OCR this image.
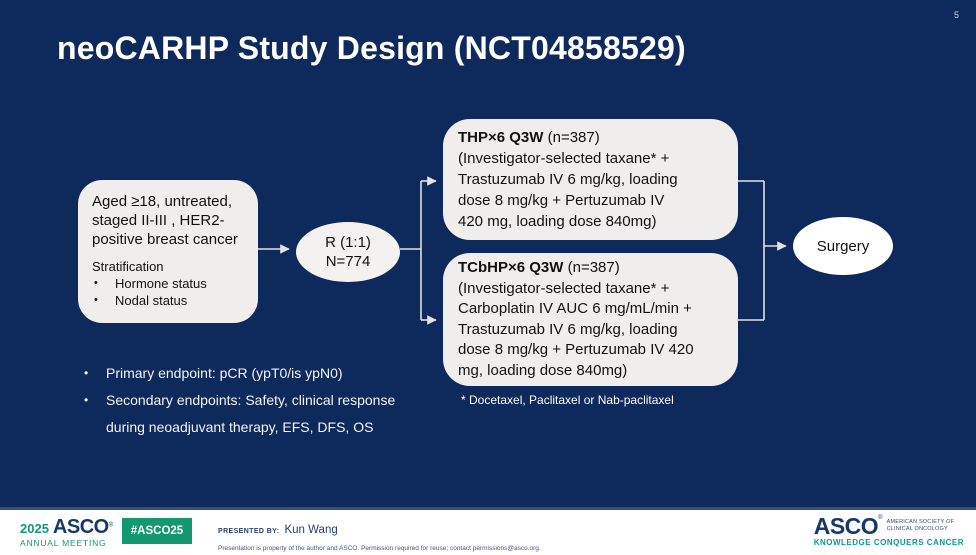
neoCARHP Study Design (NCT04858529)
5
Aged ≥18, untreated,
staged II-III , HER2-
positive breast cancer
Stratification
•	Hormone status
•	Nodal status
R (1:1)
N=774
THP×6 Q3W (n=387)
(Investigator-selected taxane* +
Trastuzumab IV 6 mg/kg, loading
dose 8 mg/kg + Pertuzumab IV
420 mg, loading dose 840mg)
TCbHP×6 Q3W (n=387)
(Investigator-selected taxane* +
Carboplatin IV AUC 6 mg/mL/min +
Trastuzumab IV 6 mg/kg, loading
dose 8 mg/kg + Pertuzumab IV 420
mg, loading dose 840mg)
Surgery
* Docetaxel, Paclitaxel or Nab-paclitaxel
•	Primary endpoint: pCR (ypT0/is ypN0)
•	Secondary endpoints: Safety, clinical response
during neoadjuvant therapy, EFS, DFS, OS
2025 ASCO®
ANNUAL MEETING
#ASCO25	PRESENTED BY: Kun Wang
Presentation is property of the author and ASCO. Permission required for reuse; contact permissions@asco.org.
ASCO®
AMERICAN SOCIETY OF
CLINICAL ONCOLOGY
KNOWLEDGE CONQUERS CANCER
